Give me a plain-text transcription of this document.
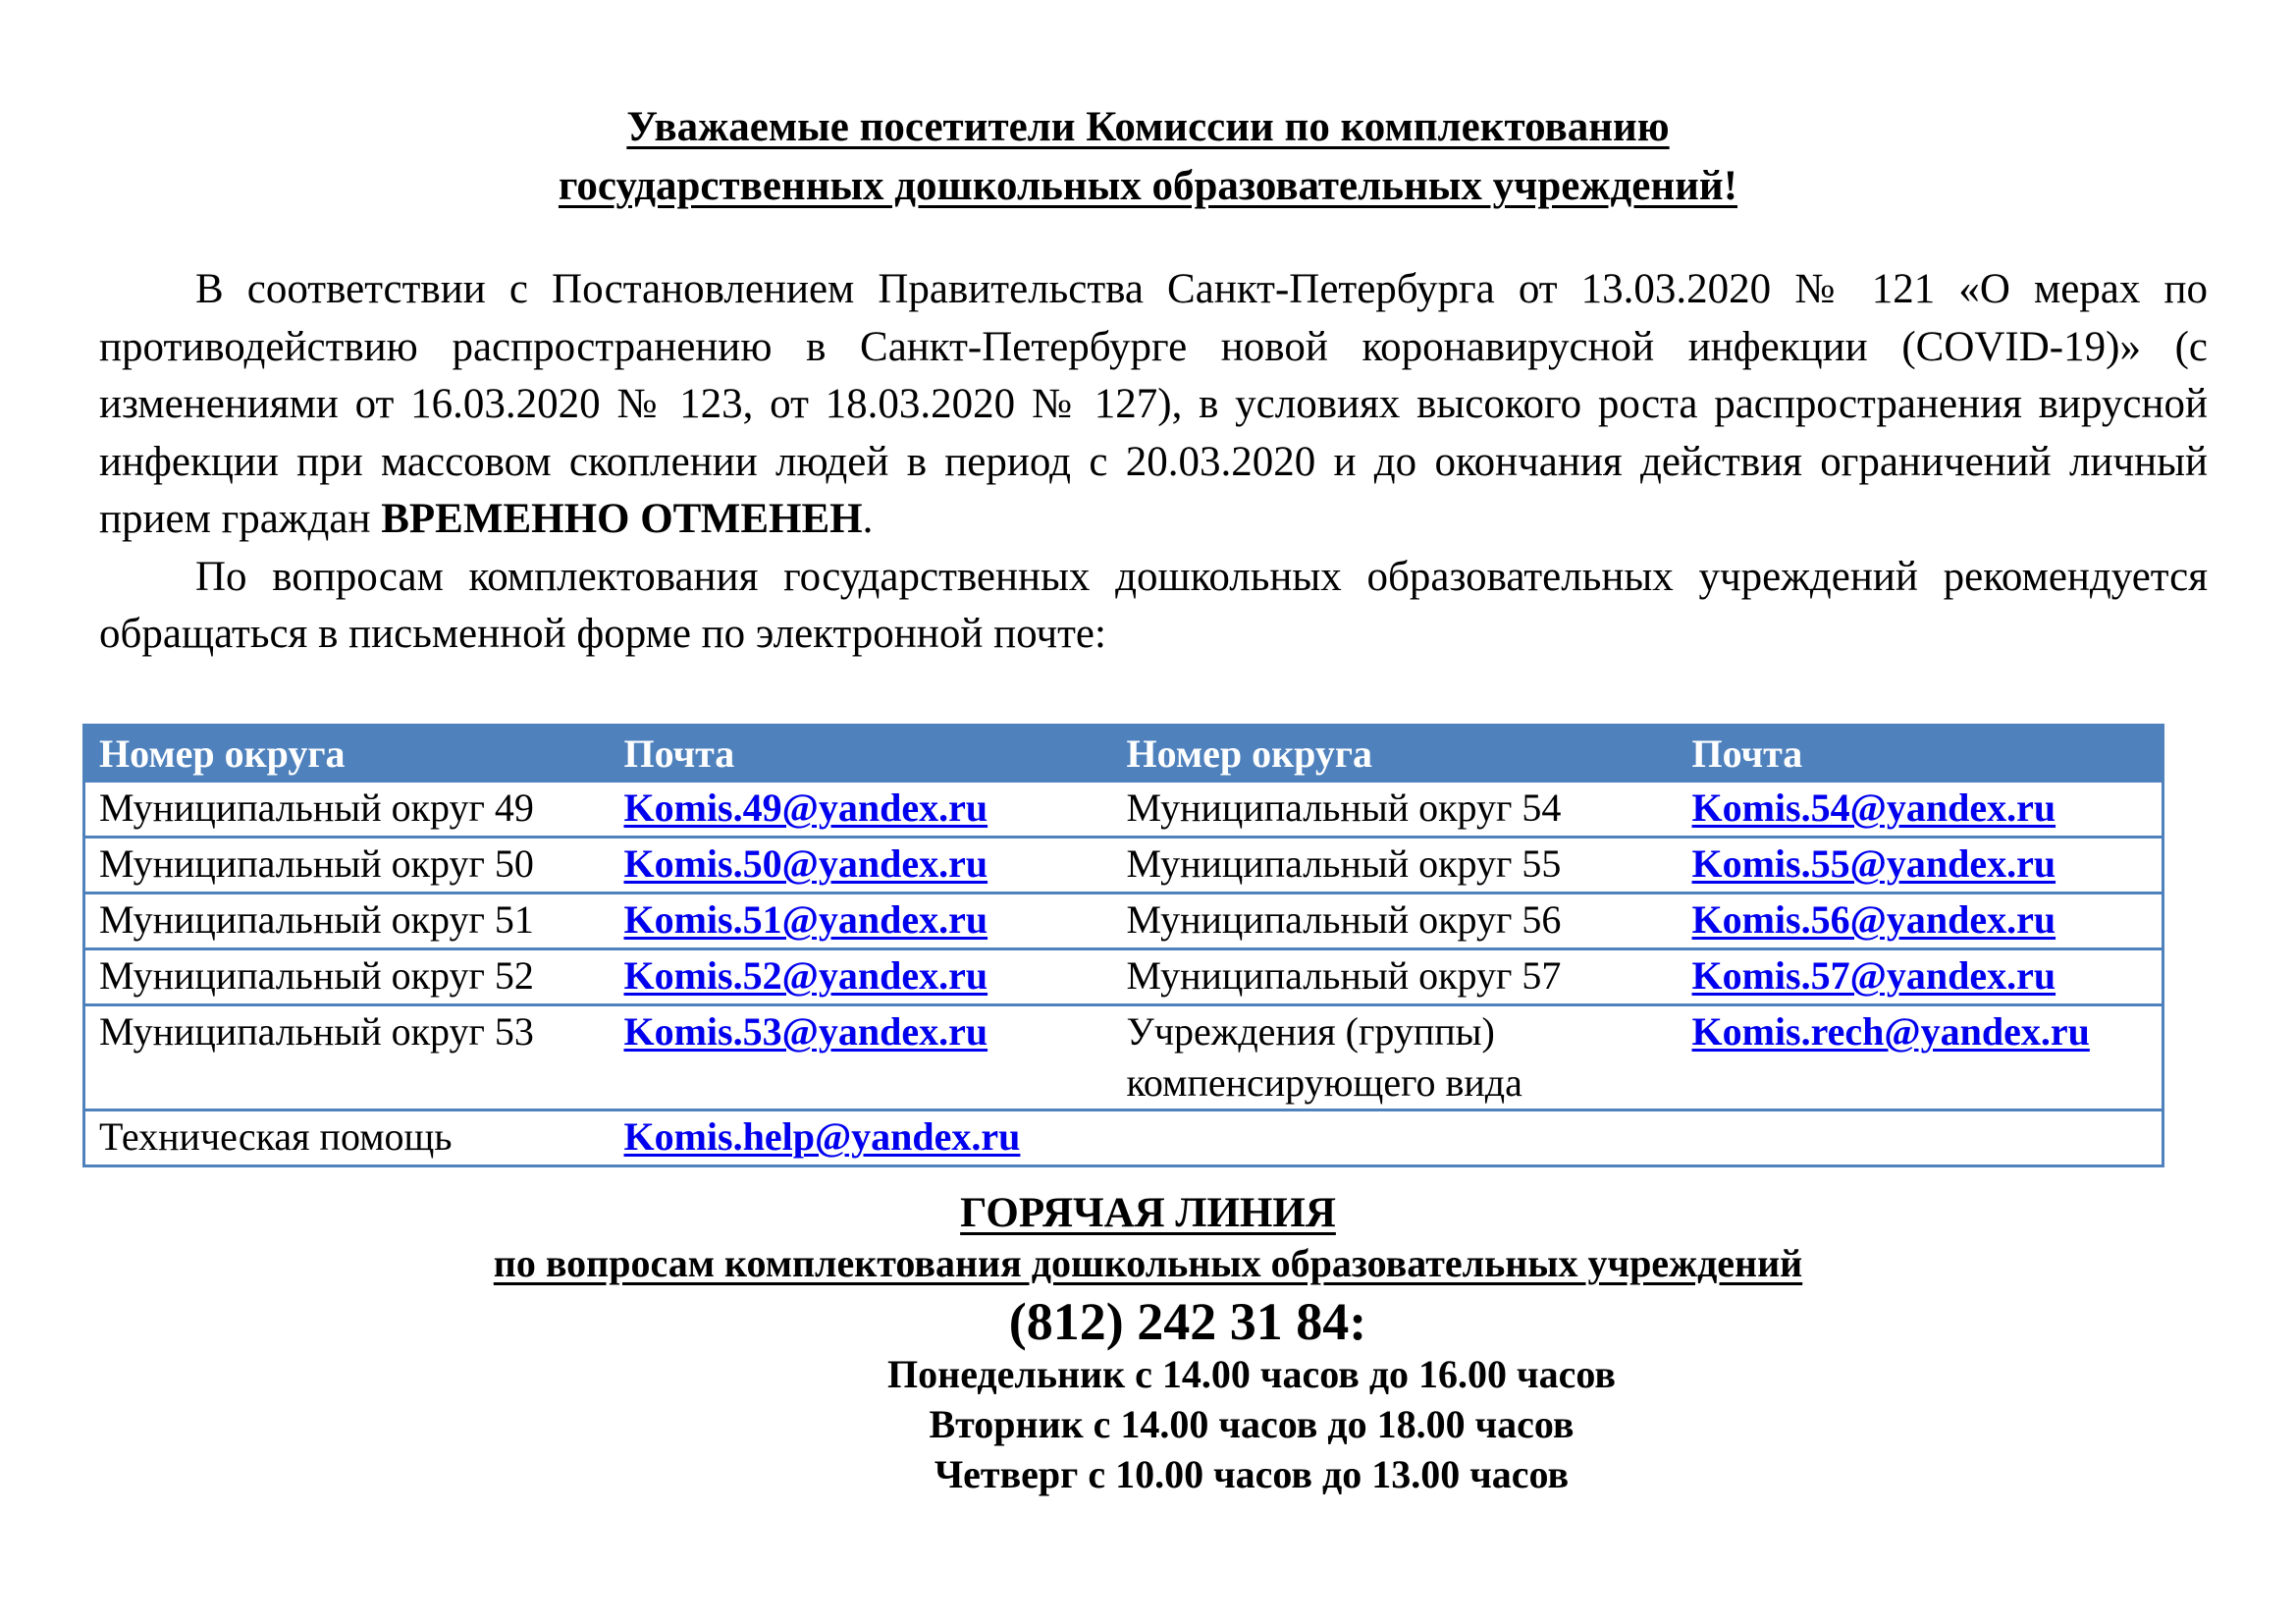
Уважаемые посетители Комиссии по комплектованию
государственных дошкольных образовательных учреждений!

В соответствии с Постановлением Правительства Санкт-Петербурга от 13.03.2020 № 121 «О мерах по противодействию распространению в Санкт-Петербурге новой коронавирусной инфекции (COVID-19)» (с изменениями от 16.03.2020 № 123, от 18.03.2020 № 127), в условиях высокого роста распространения вирусной инфекции при массовом скоплении людей в период с 20.03.2020 и до окончания действия ограничений личный прием граждан ВРЕМЕННО ОТМЕНЕН.

По вопросам комплектования государственных дошкольных образовательных учреждений рекомендуется обращаться в письменной форме по электронной почте:

Номер округа	Почта	Номер округа	Почта
Муниципальный округ 49	Komis.49@yandex.ru	Муниципальный округ 54	Komis.54@yandex.ru
Муниципальный округ 50	Komis.50@yandex.ru	Муниципальный округ 55	Komis.55@yandex.ru
Муниципальный округ 51	Komis.51@yandex.ru	Муниципальный округ 56	Komis.56@yandex.ru
Муниципальный округ 52	Komis.52@yandex.ru	Муниципальный округ 57	Komis.57@yandex.ru
Муниципальный округ 53	Komis.53@yandex.ru	Учреждения (группы) компенсирующего вида	Komis.rech@yandex.ru
Техническая помощь	Komis.help@yandex.ru		
ГОРЯЧАЯ ЛИНИЯ
по вопросам комплектования дошкольных образовательных учреждений
(812) 242 31 84:
Понедельник с 14.00 часов до 16.00 часов
Вторник с 14.00 часов до 18.00 часов
Четверг с 10.00 часов до 13.00 часов
